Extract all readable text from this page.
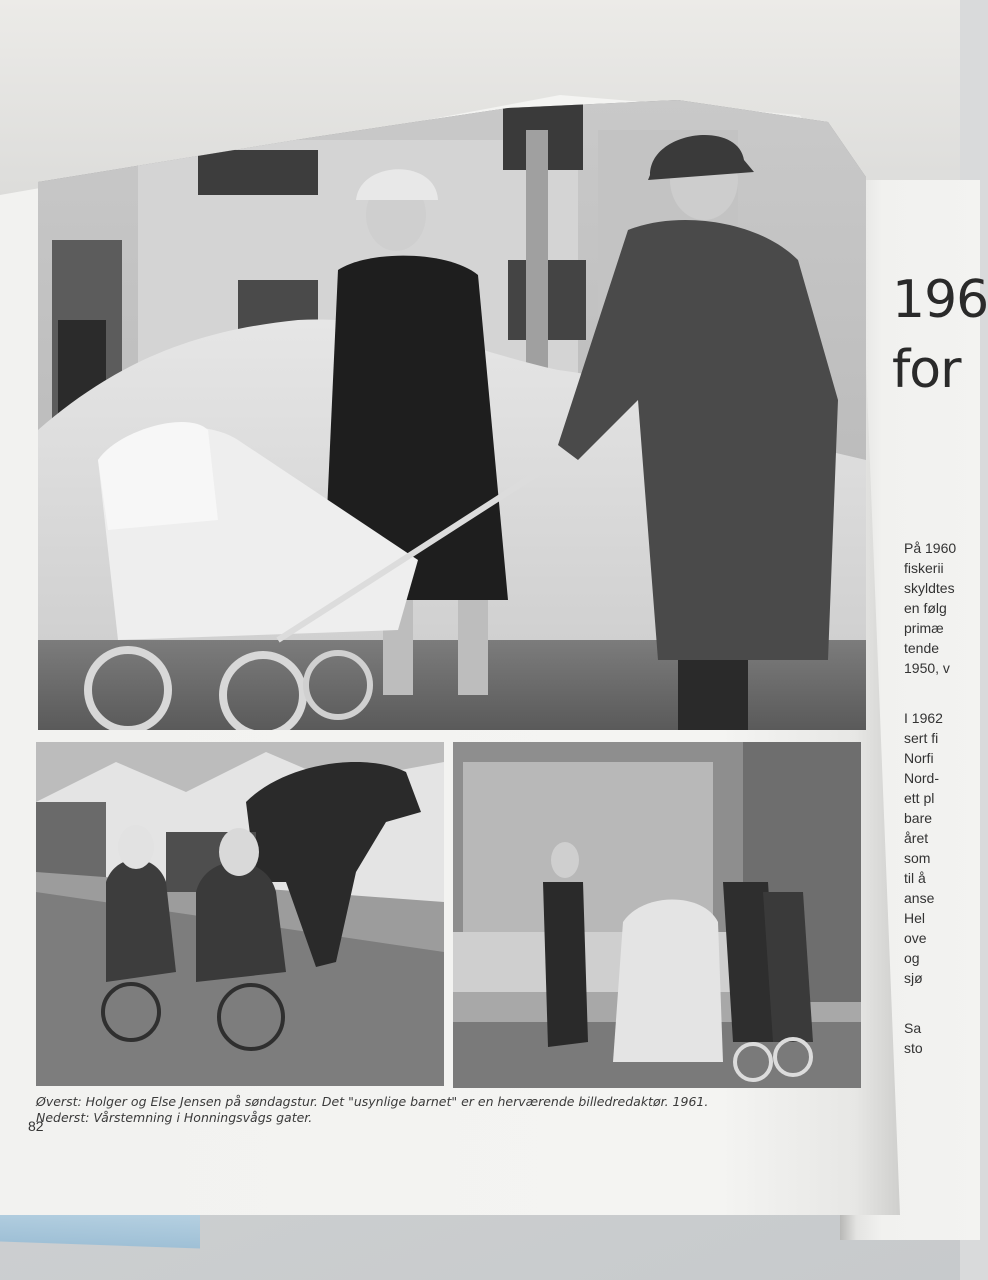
196
for
På 1960
fiskerii
skyldtes
en følg
primæ
tende
1950, v
I 1962
sert fi
Norfi
Nord-
ett pl
bare
året
som
til å
anse
Hel
ove
og
sjø
Sa
sto
Øverst: Holger og Else Jensen på søndagstur. Det "usynlige barnet" er en herværende billedredaktør. 1961.
Nederst: Vårstemning i Honningsvågs gater.
82
